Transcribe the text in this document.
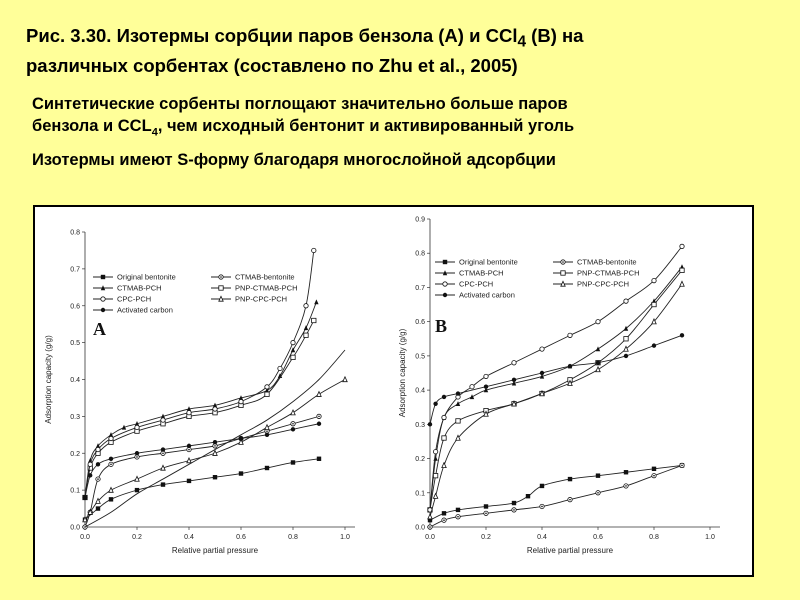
Рис. 3.30. Изотермы сорбции паров бензола (A) и CCl$_4$ (B) на
различных сорбентах (составлено по Zhu et al., 2005)

Синтетические сорбенты поглощают значительно больше паров
бензола и $CCL_4$, чем исходный бентонит и активированный уголь

Изотермы имеют S-форму благодаря многослойной адсорбции

0.0
0.1
0.2
0.3
0.4
0.5
0.6
0.7
0.8
0.0	0.2	0.4	0.6	0.8	1.0
Relative partial pressure
Adsorption capacity (g/g)
A
Original bentonite	CTMAB-bentonite
CTMAB-PCH	PNP-CTMAB-PCH
CPC-PCH	PNP-CPC-PCH
Activated carbon
0.0
0.1
0.2
0.3
0.4
0.5
0.6
0.7
0.8
0.9
0.0	0.2	0.4	0.6	0.8	1.0
Relative partial pressure
Adsorption capacity (g/g)
B
Original bentonite	CTMAB-bentonite
CTMAB-PCH	PNP-CTMAB-PCH
CPC-PCH	PNP-CPC-PCH
Activated carbon
